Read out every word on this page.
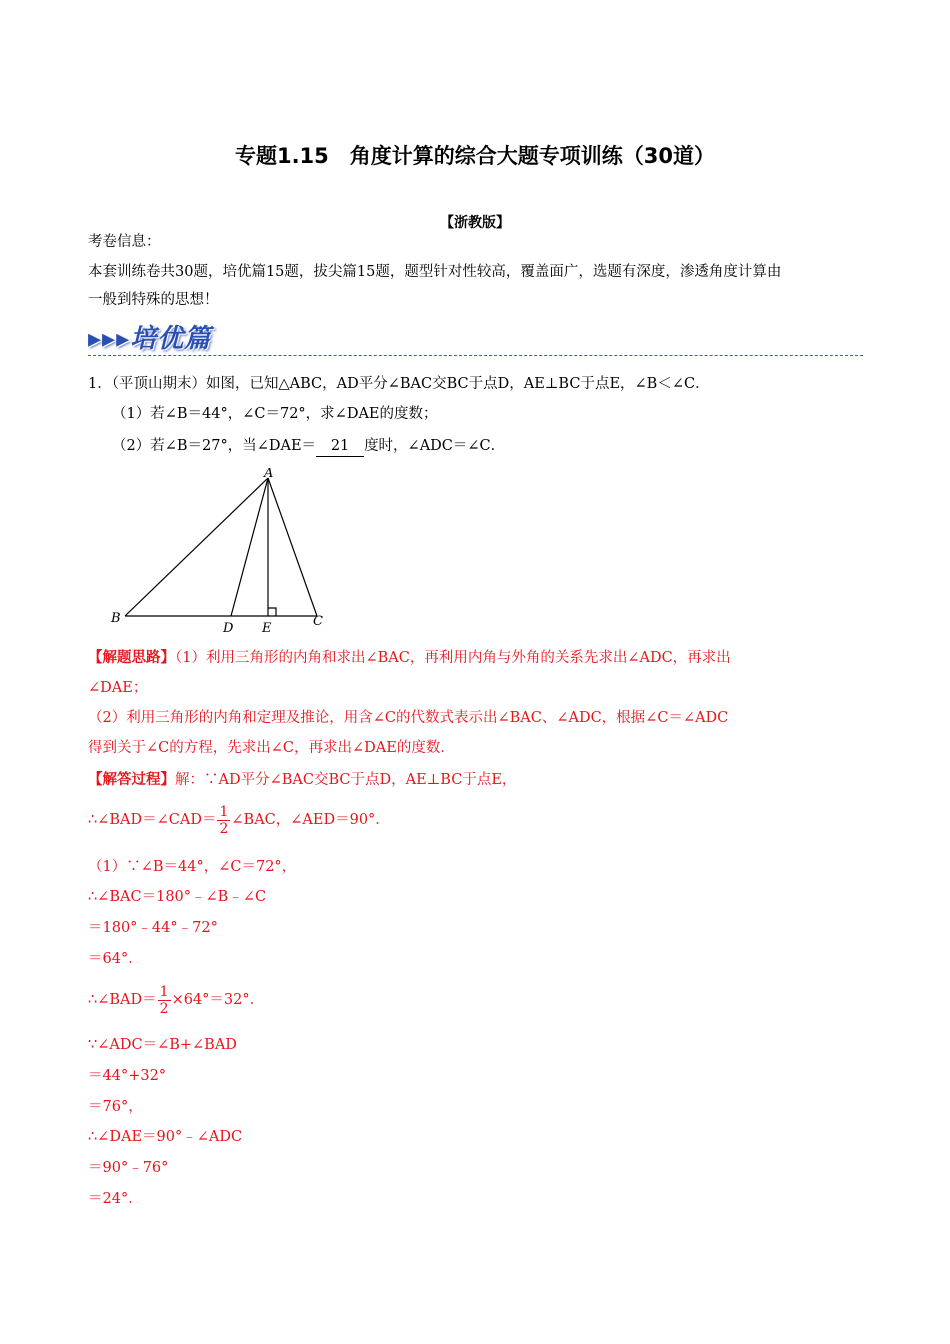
专题1.15　角度计算的综合大题专项训练（30道）
【浙教版】
考卷信息：
本套训练卷共30题，培优篇15题，拔尖篇15题，题型针对性较高，覆盖面广，选题有深度，渗透角度计算由
一般到特殊的思想！
▸▸▸培优篇
1．（平顶山期末）如图，已知△ABC，AD平分∠BAC交BC于点D，AE⊥BC于点E，∠B＜∠C．
（1）若∠B＝44°，∠C＝72°，求∠DAE的度数；
（2）若∠B＝27°，当∠DAE＝ 21 度时，∠ADC＝∠C．
A
B	C
D E
【解题思路】（1）利用三角形的内角和求出∠BAC，再利用内角与外角的关系先求出∠ADC，再求出
∠DAE；
（2）利用三角形的内角和定理及推论，用含∠C的代数式表示出∠BAC、∠ADC，根据∠C＝∠ADC
得到关于∠C的方程，先求出∠C，再求出∠DAE的度数．
【解答过程】解：∵AD平分∠BAC交BC于点D，AE⊥BC于点E，
∴∠BAD＝∠CAD＝ $\frac{1}{2}$ ∠BAC，∠AED＝90°．
（1）∵∠B＝44°，∠C＝72°，
∴∠BAC＝180°﹣∠B﹣∠C
＝180°﹣44°﹣72°
＝64°．
∴∠BAD＝ $\frac{1}{2} \times 64^\circ=32^\circ$．
∵∠ADC＝∠B+∠BAD
＝44°+32°
＝76°，
∴∠DAE＝90°﹣∠ADC
＝90°﹣76°
＝24°．
